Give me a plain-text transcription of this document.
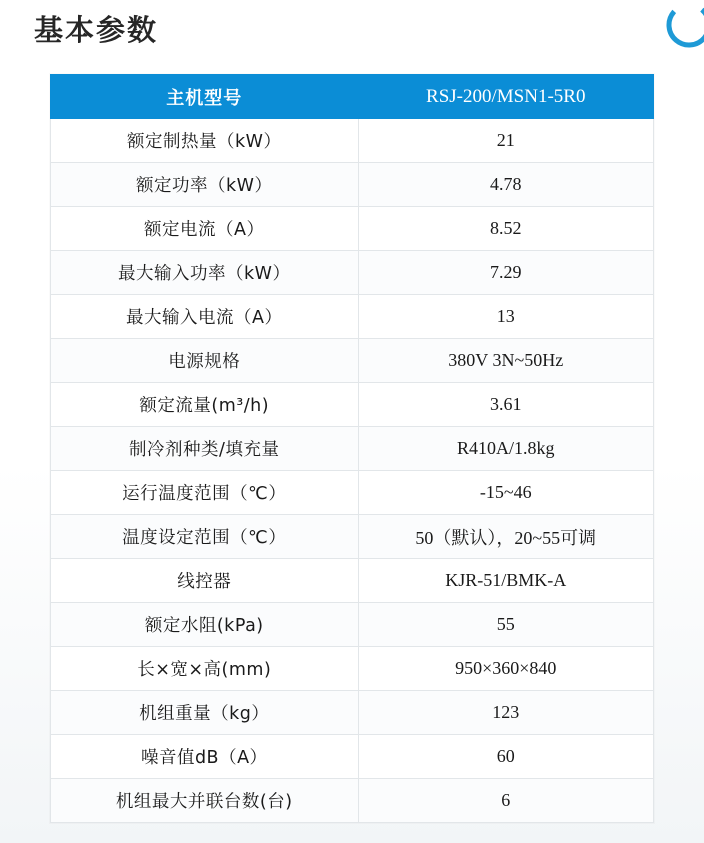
基本参数
主机型号	RSJ-200/MSN1-5R0
额定制热量（kW）	21
额定功率（kW）	4.78
额定电流（A）	8.52
最大输入功率（kW）	7.29
最大输入电流（A）	13
电源规格	380V 3N~50Hz
额定流量(m³/h)	3.61
制冷剂种类/填充量	R410A/1.8kg
运行温度范围（℃）	-15~46
温度设定范围（℃）	50（默认），20~55可调
线控器	KJR-51/BMK-A
额定水阻(kPa)	55
长×宽×高(mm)	950×360×840
机组重量（kg）	123
噪音值dB（A）	60
机组最大并联台数(台)	6
